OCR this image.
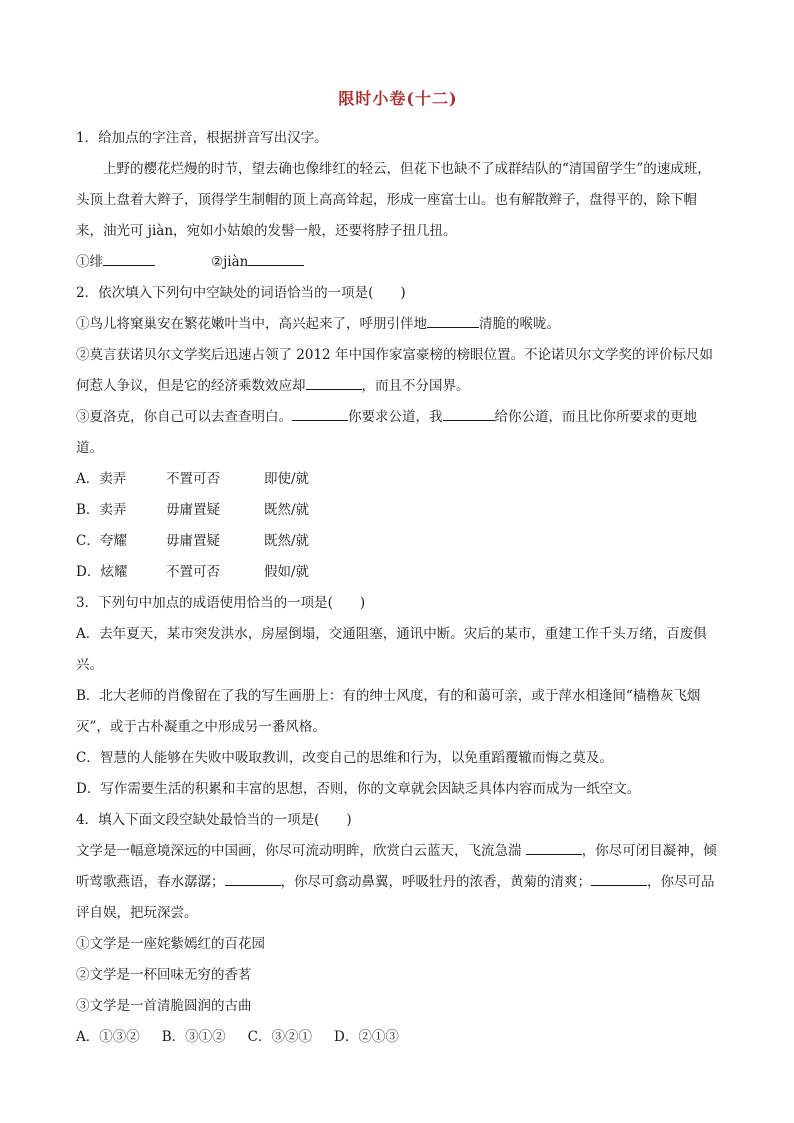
限时小卷(十二)

1．给加点的字注音，根据拼音写出汉字。

上野的樱花烂熳的时节，望去确也像绯红的轻云，但花下也缺不了成群结队的“清国留学生”的速成班，头顶上盘着大辫子，顶得学生制帽的顶上高高耸起，形成一座富士山。也有解散辫子，盘得平的，除下帽来，油光可 jiàn，宛如小姑娘的发髻一般，还要将脖子扭几扭。

①绯	②jiàn

2．依次填入下列句中空缺处的词语恰当的一项是(　　)

①鸟儿将窠巢安在繁花嫩叶当中，高兴起来了，呼朋引伴地	清脆的喉咙。

②莫言获诺贝尔文学奖后迅速占领了 2012 年中国作家富豪榜的榜眼位置。不论诺贝尔文学奖的评价标尺如何惹人争议，但是它的经济乘数效应却	，而且不分国界。

③夏洛克，你自己可以去查查明白。	你要求公道，我	给你公道，而且比你所要求的更地道。

A．卖弄	不置可否	即使/就
B．卖弄	毋庸置疑	既然/就
C．夸耀	毋庸置疑	既然/就
D．炫耀	不置可否	假如/就

3．下列句中加点的成语使用恰当的一项是(　　)

A．去年夏天，某市突发洪水，房屋倒塌，交通阻塞，通讯中断。灾后的某市，重建工作千头万绪，百废俱兴。

B．北大老师的肖像留在了我的写生画册上：有的绅士风度，有的和蔼可亲，或于萍水相逢间“樯橹灰飞烟灭”，或于古朴凝重之中形成另一番风格。

C．智慧的人能够在失败中吸取教训，改变自己的思维和行为，以免重蹈覆辙而悔之莫及。

D．写作需要生活的积累和丰富的思想，否则，你的文章就会因缺乏具体内容而成为一纸空文。

4．填入下面文段空缺处最恰当的一项是(　　)

文学是一幅意境深远的中国画，你尽可流动明眸，欣赏白云蓝天，飞流急湍	，你尽可闭目凝神，倾听莺歌燕语，春水潺潺；	，你尽可翕动鼻翼，呼吸牡丹的浓香，黄菊的清爽；	，你尽可品评自娱，把玩深尝。

①文学是一座姹紫嫣红的百花园

②文学是一杯回味无穷的香茗

③文学是一首清脆圆润的古曲

A．①③② B．③①② C．③②① D．②①③
